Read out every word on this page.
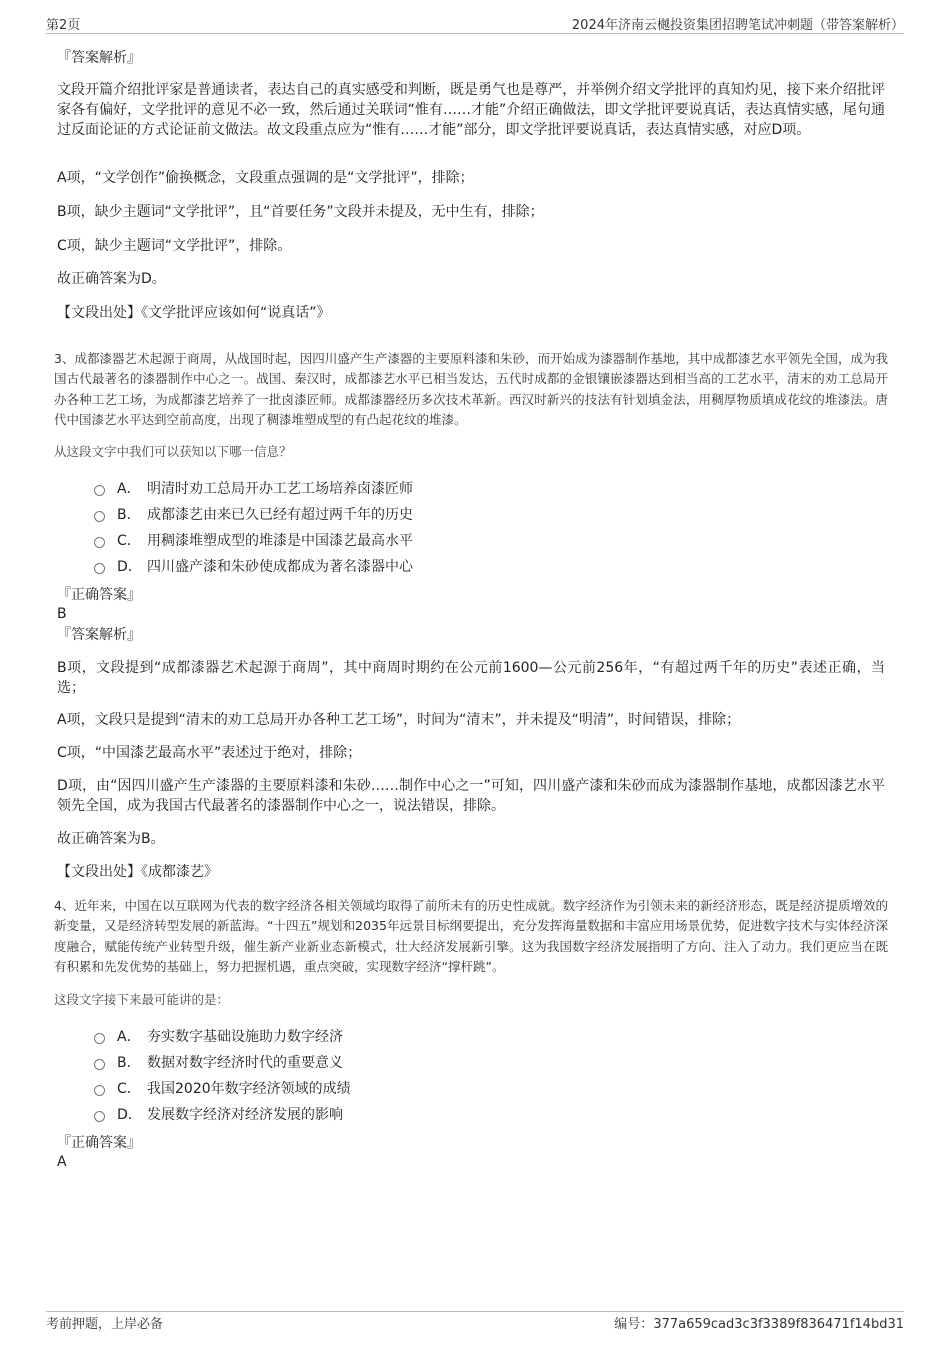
第2页	2024年济南云樾投资集团招聘笔试冲刺题（带答案解析）

『答案解析』

文段开篇介绍批评家是普通读者，表达自己的真实感受和判断，既是勇气也是尊严，并举例介绍文学批评的真知灼见，接下来介绍批评家各有偏好，文学批评的意见不必一致，然后通过关联词“惟有……才能”介绍正确做法，即文学批评要说真话，表达真情实感，尾句通过反面论证的方式论证前文做法。故文段重点应为“惟有……才能”部分，即文学批评要说真话，表达真情实感，对应D项。

A项，“文学创作”偷换概念，文段重点强调的是“文学批评”，排除；

B项，缺少主题词“文学批评”，且“首要任务”文段并未提及，无中生有，排除；

C项，缺少主题词“文学批评”，排除。

故正确答案为D。

【文段出处】《文学批评应该如何“说真话”》

3、成都漆器艺术起源于商周，从战国时起，因四川盛产生产漆器的主要原料漆和朱砂，而开始成为漆器制作基地，其中成都漆艺水平领先全国，成为我国古代最著名的漆器制作中心之一。战国、秦汉时，成都漆艺水平已相当发达，五代时成都的金银镶嵌漆器达到相当高的工艺水平，清末的劝工总局开办各种工艺工场，为成都漆艺培养了一批卤漆匠师。成都漆器经历多次技术革新。西汉时新兴的技法有针划填金法，用稠厚物质填成花纹的堆漆法。唐代中国漆艺水平达到空前高度，出现了稠漆堆塑成型的有凸起花纹的堆漆。

从这段文字中我们可以获知以下哪一信息？

A． 明清时劝工总局开办工艺工场培养卤漆匠师
B． 成都漆艺由来已久已经有超过两千年的历史
C． 用稠漆堆塑成型的堆漆是中国漆艺最高水平
D． 四川盛产漆和朱砂使成都成为著名漆器中心

『正确答案』

B

『答案解析』

B项，文段提到“成都漆器艺术起源于商周”，其中商周时期约在公元前1600—公元前256年，“有超过两千年的历史”表述正确，当选；

A项，文段只是提到“清末的劝工总局开办各种工艺工场”，时间为“清末”，并未提及“明清”，时间错误，排除；

C项，“中国漆艺最高水平”表述过于绝对，排除；

D项，由“因四川盛产生产漆器的主要原料漆和朱砂……制作中心之一”可知，四川盛产漆和朱砂而成为漆器制作基地，成都因漆艺水平领先全国，成为我国古代最著名的漆器制作中心之一，说法错误，排除。

故正确答案为B。

【文段出处】《成都漆艺》

4、近年来，中国在以互联网为代表的数字经济各相关领域均取得了前所未有的历史性成就。数字经济作为引领未来的新经济形态，既是经济提质增效的新变量，又是经济转型发展的新蓝海。“十四五”规划和2035年远景目标纲要提出，充分发挥海量数据和丰富应用场景优势，促进数字技术与实体经济深度融合，赋能传统产业转型升级，催生新产业新业态新模式，壮大经济发展新引擎。这为我国数字经济发展指明了方向、注入了动力。我们更应当在既有积累和先发优势的基础上，努力把握机遇，重点突破，实现数字经济“撑杆跳”。

这段文字接下来最可能讲的是：

A． 夯实数字基础设施助力数字经济
B． 数据对数字经济时代的重要意义
C． 我国2020年数字经济领域的成绩
D． 发展数字经济对经济发展的影响

『正确答案』

A

考前押题，上岸必备	编号：377a659cad3c3f3389f836471f14bd31
